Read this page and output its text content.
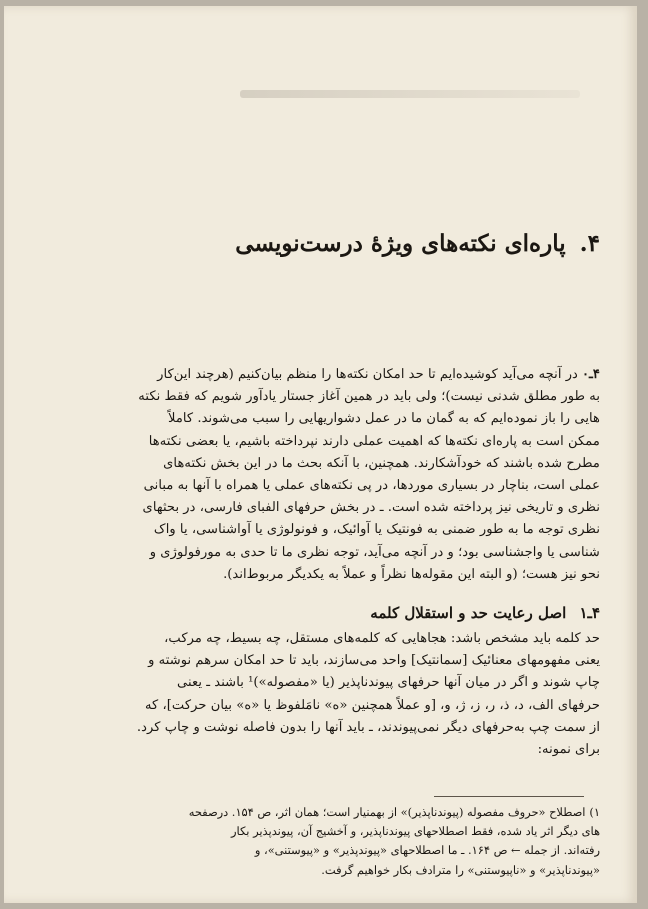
۴. پاره‌ای نکته‌های ویژهٔ درست‌نویسی

۴ـ۰در آنچه می‌آید کوشیده‌ایم تا حد امکان نکته‌ها را منظم بیان‌کنیم (هرچند این‌کار

به طور مطلق شدنی نیست)؛ ولی باید در همین آغاز جستار یادآور شویم که فقط نکته‌

هایی را باز نموده‌ایم که به گمان ما در عمل دشواریهایی را سبب می‌شوند. کاملاً

ممکن است به پاره‌ای نکته‌ها که اهمیت عملی دارند نپرداخته باشیم، یا بعضی نکته‌ها

مطرح شده باشند که خودآشکارند. همچنین، با آنکه بحث ما در این بخش نکته‌های

عملی است، بناچار در بسیاری موردها، در پی نکته‌های عملی یا همراه با آنها به مبانی

نظری و تاریخی نیز پرداخته شده است. ـ در بخش حرفهای الفبای فارسی، در بحثهای

نظری توجه ما به طور ضمنی به فونتیک یا آوائیک، و فونولوژی یا آواشناسی، یا واک‌

شناسی یا واجشناسی بود؛ و در آنچه می‌آید، توجه نظری ما تا حدی به مورفولوژی و

نحو نیز هست؛ (و البته این مقوله‌ها نظراً و عملاً به یکدیگر مربوط‌اند).

۴ـ۱ اصل رعایت حد و استقلال کلمه

حد کلمه باید مشخص باشد: هجاهایی که کلمه‌های مستقل، چه بسیط، چه مرکب،

یعنی مفهومهای معنائیک [سمانتیک] واحد می‌سازند، باید تا حد امکان سرهم نوشته و

چاپ شوند و اگر در میان آنها حرفهای پیوندناپذیر (یا «مفصوله»)¹ باشند ـ یعنی

حرفهای الف، د، ذ، ر، ز، ژ، و، [و عملاً همچنین «ه» نامَلفوظ یا «ه» بیان حرکت]، که

از سمت چپ به‌حرفهای دیگر نمی‌پیوندند، ـ باید آنها را بدون فاصله نوشت و چاپ کرد.

برای نمونه:

۱)اصطلاح «حروف مفصوله (پیوندناپذیر)» از بهمنیار است؛ همان اثر، ص ۱۵۴. درصفحه‌

های دیگر اثر یاد شده، فقط اصطلاحهای پیوندناپذیر، و آخشیج آن، پیوندپذیر بکار

رفته‌اند. از جمله ← ص ۱۶۴. ـ ما اصطلاحهای «پیوندپذیر» و «پیوستنی»، و

«پیوندناپذیر» و «ناپیوستنی» را مترادف بکار خواهیم گرفت.
